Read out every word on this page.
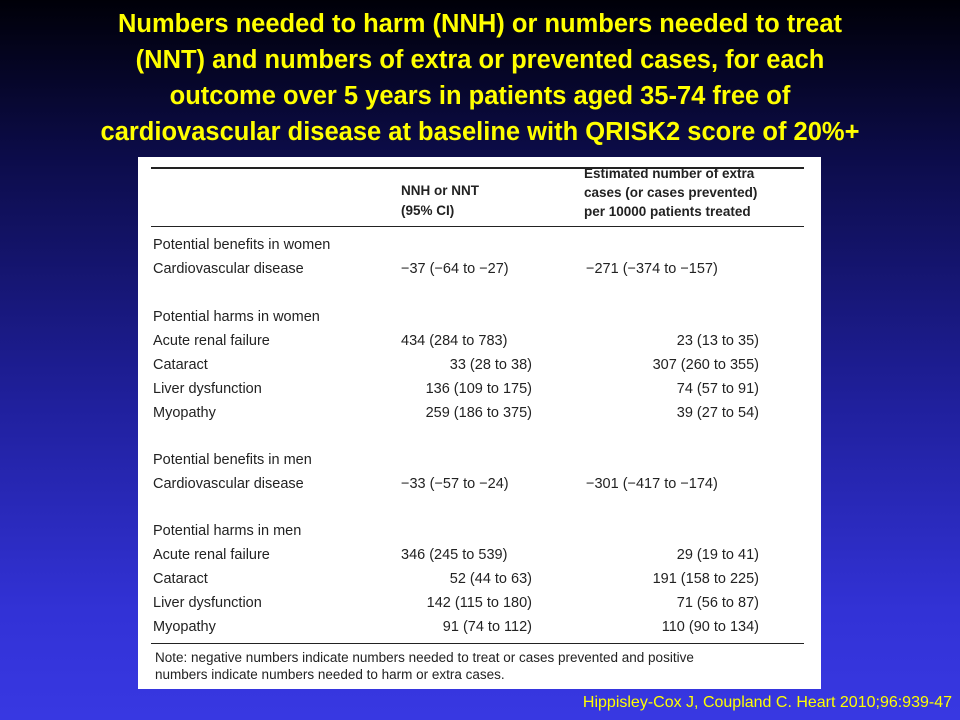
Numbers needed to harm (NNH) or numbers needed to treat
(NNT) and numbers of extra or prevented cases, for each
outcome over 5 years in patients aged 35-74 free of
cardiovascular disease at baseline with QRISK2 score of 20%+
NNH or NNT
(95% CI)
Estimated number of extra
cases (or cases prevented)
per 10000 patients treated
Potential benefits in women
Cardiovascular disease	−37 (−64 to −27)	−271 (−374 to −157)
Potential harms in women
Acute renal failure	434 (284 to 783)	23 (13 to 35)
Cataract	33 (28 to 38)	307 (260 to 355)
Liver dysfunction	136 (109 to 175)	74 (57 to 91)
Myopathy	259 (186 to 375)	39 (27 to 54)
Potential benefits in men
Cardiovascular disease	−33 (−57 to −24)	−301 (−417 to −174)
Potential harms in men
Acute renal failure	346 (245 to 539)	29 (19 to 41)
Cataract	52 (44 to 63)	191 (158 to 225)
Liver dysfunction	142 (115 to 180)	71 (56 to 87)
Myopathy	91 (74 to 112)	110 (90 to 134)
Note: negative numbers indicate numbers needed to treat or cases prevented and positive
numbers indicate numbers needed to harm or extra cases.
Hippisley-Cox J, Coupland C. Heart 2010;96:939-47
